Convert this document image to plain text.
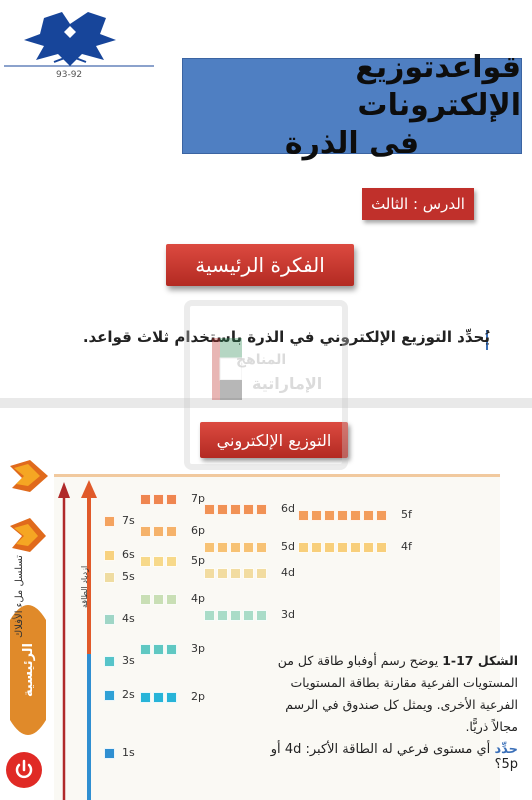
93-92	قواعدتوزيع الإلكترونات
فى الذرة
الدرس : الثالث
الفكرة الرئيسية
يُحدِّد التوزيع الإلكتروني في الذرة باستخدام ثلاث قواعد.
المناهج
الإماراتية
التوزيع الإلكتروني
الرئيسية
تسلسل ملء الأفلاك	ازدياد الطاقة
1s
2s	2p
3s
3p
4s	3d
4p
5s	4d
5p
6s
4f
5d
6p
7s	5f
6d
7p
الشكل 17-1 يوضح رسم أوفباو طاقة كل من المستويات الفرعية مقارنة بطاقة المستويات الفرعية الأخرى. ويمثل كل صندوق في الرسم مجالاً ذريًّا.
حدِّد أي مستوى فرعي له الطاقة الأكبر: 4d أو 5p؟
